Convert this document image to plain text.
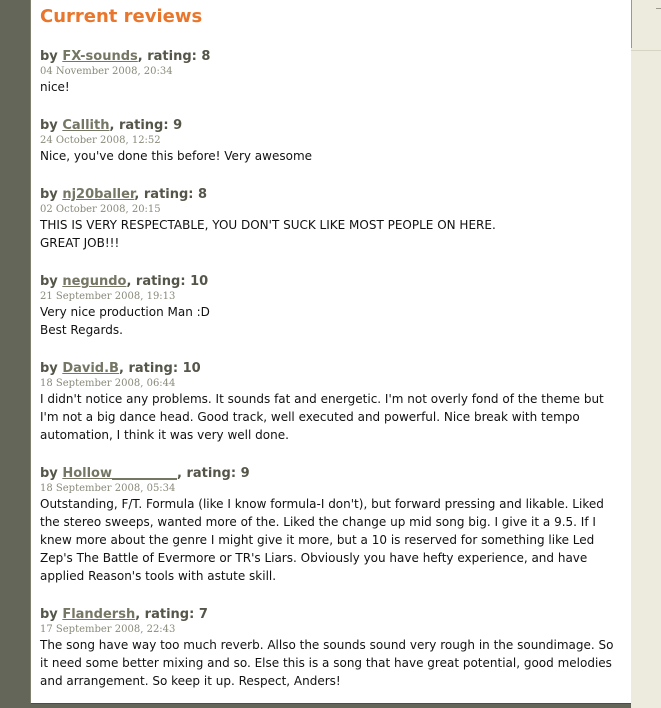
Current reviews
by FX-sounds, rating: 8
04 November 2008, 20:34
nice!
by Callith, rating: 9
24 October 2008, 12:52
Nice, you've done this before! Very awesome
by nj20baller, rating: 8
02 October 2008, 20:15
THIS IS VERY RESPECTABLE, YOU DON'T SUCK LIKE MOST PEOPLE ON HERE.
GREAT JOB!!!
by negundo, rating: 10
21 September 2008, 19:13
Very nice production Man :D
Best Regards.
by David.B, rating: 10
18 September 2008, 06:44
I didn't notice any problems. It sounds fat and energetic. I'm not overly fond of the theme but I'm not a big dance head. Good track, well executed and powerful. Nice break with tempo automation, I think it was very well done.
by Hollow__________, rating: 9
18 September 2008, 05:34
Outstanding, F/T. Formula (like I know formula-I don't), but forward pressing and likable. Liked the stereo sweeps, wanted more of the. Liked the change up mid song big. I give it a 9.5. If I knew more about the genre I might give it more, but a 10 is reserved for something like Led Zep's The Battle of Evermore or TR's Liars. Obviously you have hefty experience, and have applied Reason's tools with astute skill.
by Flandersh, rating: 7
17 September 2008, 22:43
The song have way too much reverb. Allso the sounds sound very rough in the soundimage. So it need some better mixing and so. Else this is a song that have great potential, good melodies and arrangement. So keep it up. Respect, Anders!
